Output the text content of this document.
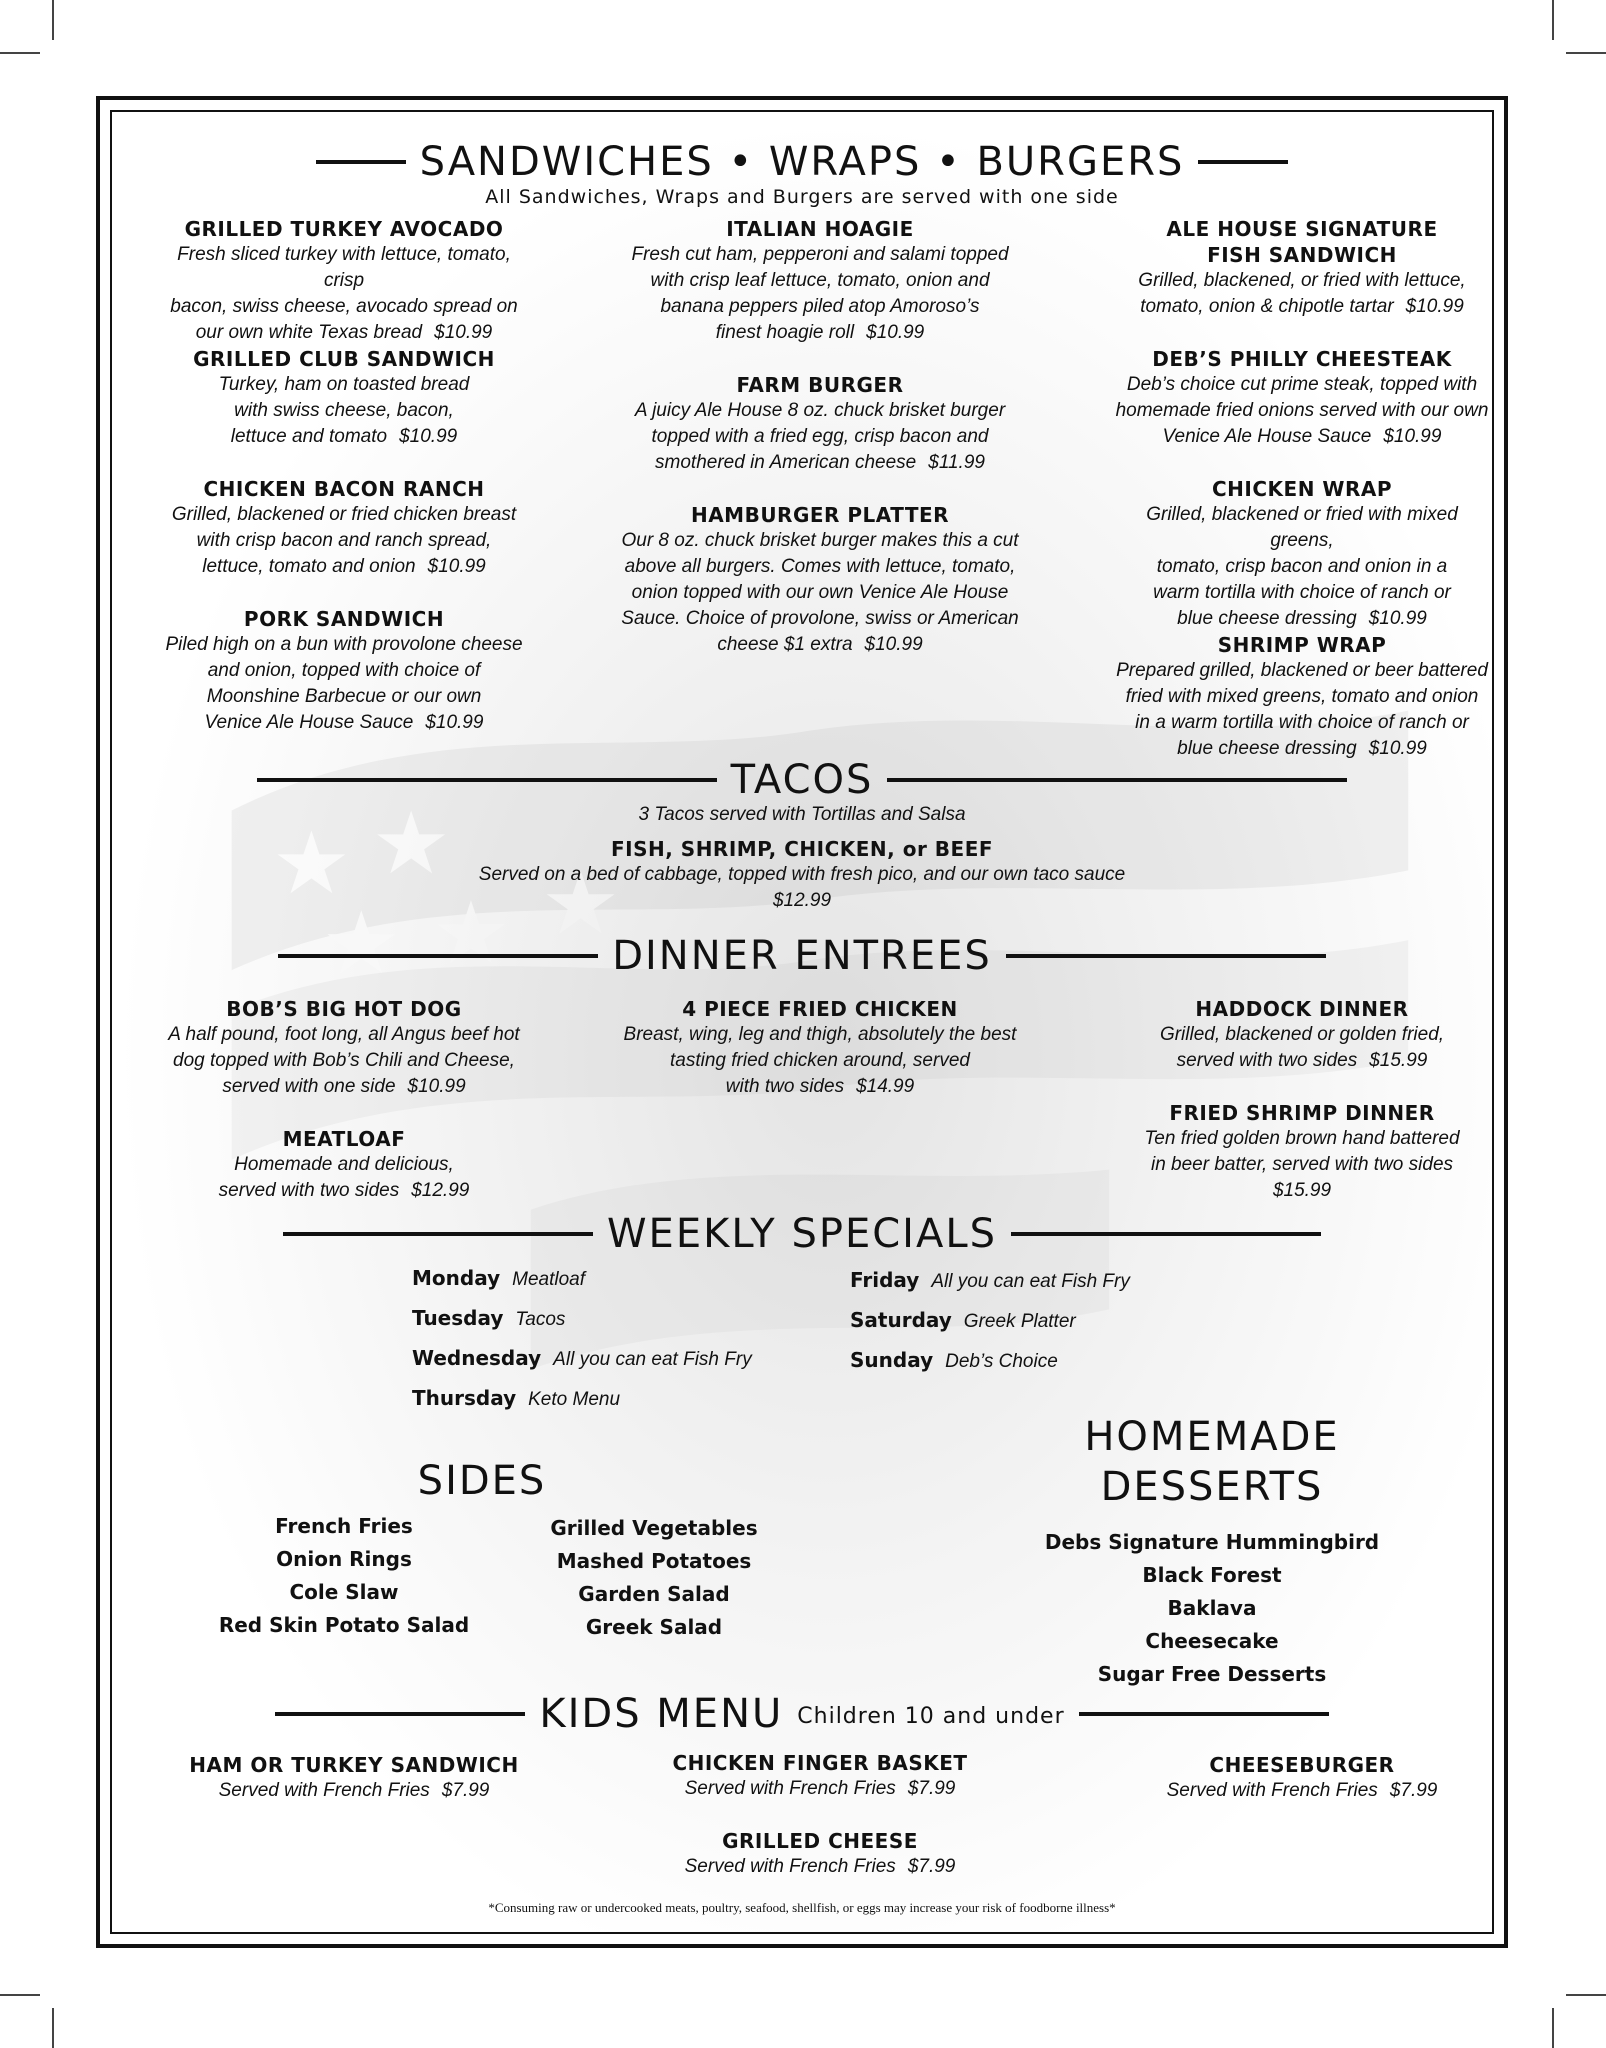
SANDWICHES • WRAPS • BURGERS
All Sandwiches, Wraps and Burgers are served with one side
GRILLED TURKEY AVOCADO

Fresh sliced turkey with lettuce, tomato, crisp

bacon, swiss cheese, avocado spread on

our own white Texas bread $10.99

GRILLED CLUB SANDWICH

Turkey, ham on toasted bread

with swiss cheese, bacon,

lettuce and tomato $10.99

CHICKEN BACON RANCH

Grilled, blackened or fried chicken breast

with crisp bacon and ranch spread,

lettuce, tomato and onion $10.99

PORK SANDWICH

Piled high on a bun with provolone cheese

and onion, topped with choice of

Moonshine Barbecue or our own

Venice Ale House Sauce $10.99

ITALIAN HOAGIE

Fresh cut ham, pepperoni and salami topped

with crisp leaf lettuce, tomato, onion and

banana peppers piled atop Amoroso’s

finest hoagie roll $10.99

FARM BURGER

A juicy Ale House 8 oz. chuck brisket burger

topped with a fried egg, crisp bacon and

smothered in American cheese $11.99

HAMBURGER PLATTER

Our 8 oz. chuck brisket burger makes this a cut

above all burgers. Comes with lettuce, tomato,

onion topped with our own Venice Ale House

Sauce. Choice of provolone, swiss or American

cheese $1 extra $10.99

ALE HOUSE SIGNATURE
FISH SANDWICH

Grilled, blackened, or fried with lettuce,

tomato, onion & chipotle tartar $10.99

DEB’S PHILLY CHEESTEAK

Deb’s choice cut prime steak, topped with

homemade fried onions served with our own

Venice Ale House Sauce $10.99

CHICKEN WRAP

Grilled, blackened or fried with mixed greens,

tomato, crisp bacon and onion in a

warm tortilla with choice of ranch or

blue cheese dressing $10.99

SHRIMP WRAP

Prepared grilled, blackened or beer battered

fried with mixed greens, tomato and onion

in a warm tortilla with choice of ranch or

blue cheese dressing $10.99

TACOS
3 Tacos served with Tortillas and Salsa
FISH, SHRIMP, CHICKEN, or BEEF

Served on a bed of cabbage, topped with fresh pico, and our own taco sauce

$12.99

DINNER ENTREES
BOB’S BIG HOT DOG

A half pound, foot long, all Angus beef hot

dog topped with Bob’s Chili and Cheese,

served with one side $10.99

MEATLOAF

Homemade and delicious,

served with two sides $12.99

4 PIECE FRIED CHICKEN

Breast, wing, leg and thigh, absolutely the best

tasting fried chicken around, served

with two sides $14.99

HADDOCK DINNER

Grilled, blackened or golden fried,

served with two sides $15.99

FRIED SHRIMP DINNER

Ten fried golden brown hand battered

in beer batter, served with two sides

$15.99

WEEKLY SPECIALS
Monday Meatloaf
Tuesday Tacos
Wednesday All you can eat Fish Fry
Thursday Keto Menu
Friday All you can eat Fish Fry
Saturday Greek Platter
Sunday Deb’s Choice
SIDES
French Fries
Onion Rings
Cole Slaw
Red Skin Potato Salad
Grilled Vegetables
Mashed Potatoes
Garden Salad
Greek Salad
HOMEMADE
DESSERTS
Debs Signature Hummingbird
Black Forest
Baklava
Cheesecake
Sugar Free Desserts
KIDS MENU Children 10 and under
HAM OR TURKEY SANDWICH

Served with French Fries $7.99

CHICKEN FINGER BASKET

Served with French Fries $7.99

CHEESEBURGER

Served with French Fries $7.99

GRILLED CHEESE

Served with French Fries $7.99

*Consuming raw or undercooked meats, poultry, seafood, shellfish, or eggs may increase your risk of foodborne illness*
